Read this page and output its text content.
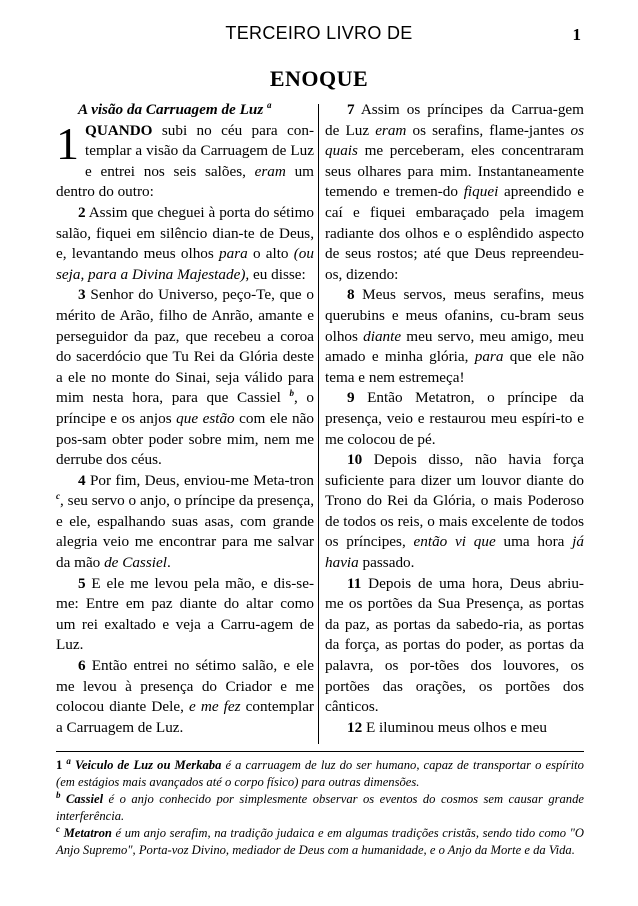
TERCEIRO LIVRO DE	1
ENOQUE

A visão da Carruagem de Luz $^a$

1 QUANDO subi no céu para con-templar a visão da Carruagem de Luz e entrei nos seis salões, eram um dentro do outro:

2 Assim que cheguei à porta do sétimo salão, fiquei em silêncio dian-te de Deus, e, levantando meus olhos para o alto (ou seja, para a Divina Majestade), eu disse:

3 Senhor do Universo, peço-Te, que o mérito de Arão, filho de Anrão, amante e perseguidor da paz, que recebeu a coroa do sacerdócio que Tu Rei da Glória deste a ele no monte do Sinai, seja válido para mim nesta hora, para que Cassiel $^b$, o príncipe e os anjos que estão com ele não pos-sam obter poder sobre mim, nem me derrube dos céus.

4 Por fim, Deus, enviou-me Meta-tron $^c$, seu servo o anjo, o príncipe da presença, e ele, espalhando suas asas, com grande alegria veio me encontrar para me salvar da mão de Cassiel.

5 E ele me levou pela mão, e dis-se-me: Entre em paz diante do altar como um rei exaltado e veja a Carru-agem de Luz.

6 Então entrei no sétimo salão, e ele me levou à presença do Criador e me colocou diante Dele, e me fez contemplar a Carruagem de Luz.

7 Assim os príncipes da Carrua-gem de Luz eram os serafins, flame-jantes os quais me perceberam, eles concentraram seus olhares para mim. Instantaneamente temendo e tremen-do fiquei apreendido e caí e fiquei embaraçado pela imagem radiante dos olhos e o esplêndido aspecto de seus rostos; até que Deus repreendeu-os, dizendo:

8 Meus servos, meus serafins, meus querubins e meus ofanins, cu-bram seus olhos diante meu servo, meu amigo, meu amado e minha glória, para que ele não tema e nem estremeça!

9 Então Metatron, o príncipe da presença, veio e restaurou meu espíri-to e me colocou de pé.

10 Depois disso, não havia força suficiente para dizer um louvor diante do Trono do Rei da Glória, o mais Poderoso de todos os reis, o mais excelente de todos os príncipes, então vi que uma hora já havia passado.

11 Depois de uma hora, Deus abriu-me os portões da Sua Presença, as portas da paz, as portas da sabedo-ria, as portas da força, as portas do poder, as portas da palavra, os por-tões dos louvores, os portões das orações, os portões dos cânticos.

12 E iluminou meus olhos e meu

1 $^a$ Veiculo de Luz ou Merkaba é a carruagem de luz do ser humano, capaz de transportar o espírito (em estágios mais avançados até o corpo físico) para outras dimensões.

$^b$ Cassiel é o anjo conhecido por simplesmente observar os eventos do cosmos sem causar grande interferência.

$^c$ Metatron é um anjo serafim, na tradição judaica e em algumas tradições cristãs, sendo tido como "O Anjo Supremo", Porta-voz Divino, mediador de Deus com a humanidade, e o Anjo da Morte e da Vida.
